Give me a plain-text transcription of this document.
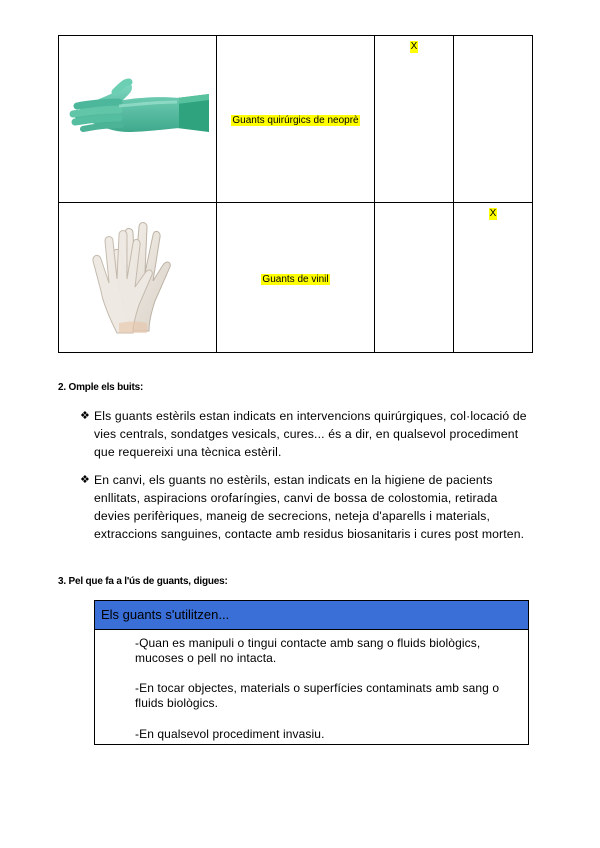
	Guants quirúrgics de neoprè	X	
	Guants de vinil		X
2. Omple els buits:
❖ Els guants estèrils estan indicats en intervencions quirúrgiques, col·locació de vies centrals, sondatges vesicals, cures... és a dir, en qualsevol procediment que requereixi una tècnica estèril.
❖ En canvi, els guants no estèrils, estan indicats en la higiene de pacients enllitats, aspiracions orofaríngies, canvi de bossa de colostomia, retirada devies perifèriques, maneig de secrecions, neteja d'aparells i materials, extraccions sanguines, contacte amb residus biosanitaris i cures post morten.
3. Pel que fa a l'ús de guants, digues:
Els guants s'utilitzen...
-Quan es manipuli o tingui contacte amb sang o fluids biològics, mucoses o pell no intacta.
-En tocar objectes, materials o superfícies contaminats amb sang o fluids biològics.
-En qualsevol procediment invasiu.
